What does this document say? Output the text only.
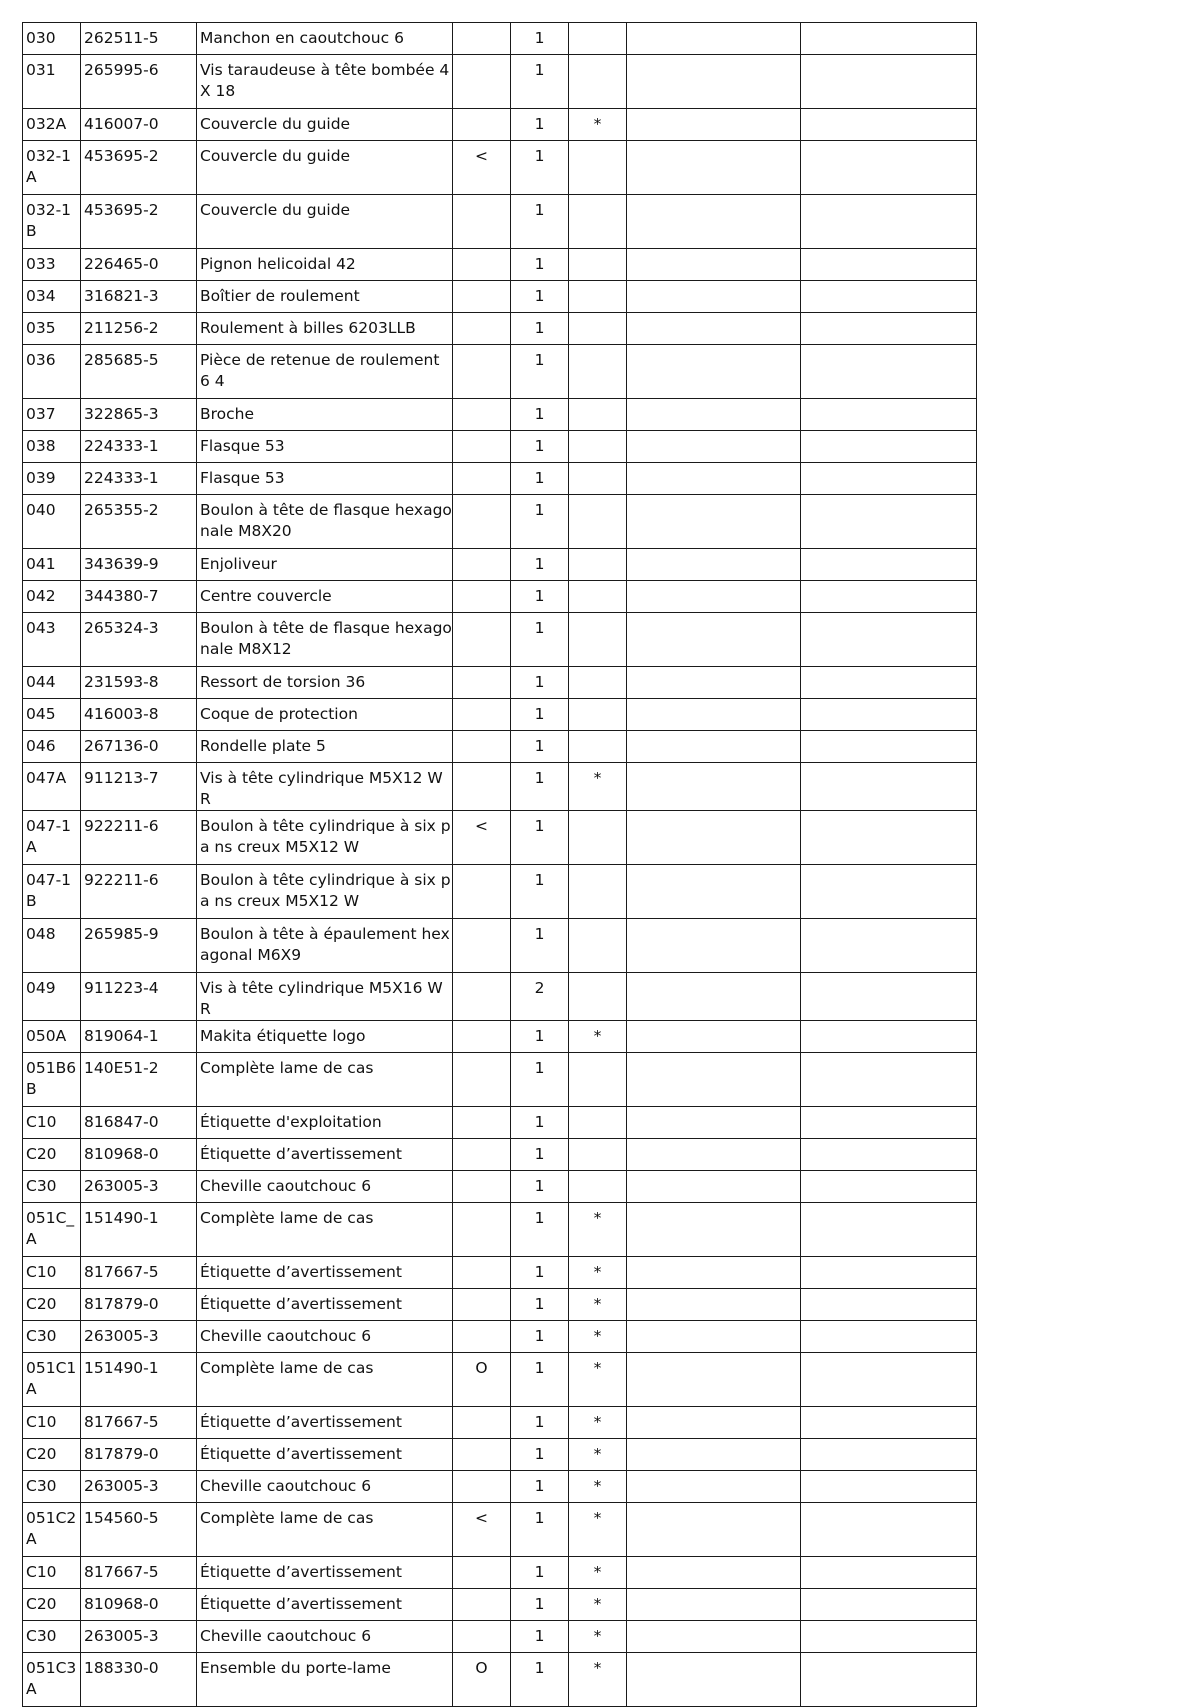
030	262511-5	Manchon en caoutchouc 6		1			
031	265995-6	Vis taraudeuse à tête bombée 4X 18		1			
032A	416007-0	Couvercle du guide		1	*		
032-1 A	453695-2	Couvercle du guide	<	1			
032-1 B	453695-2	Couvercle du guide		1			
033	226465-0	Pignon helicoidal 42		1			
034	316821-3	Boîtier de roulement		1			
035	211256-2	Roulement à billes 6203LLB		1			
036	285685-5	Pièce de retenue de roulement 6 4		1			
037	322865-3	Broche		1			
038	224333-1	Flasque 53		1			
039	224333-1	Flasque 53		1			
040	265355-2	Boulon à tête de flasque hexago nale M8X20		1			
041	343639-9	Enjoliveur		1			
042	344380-7	Centre couvercle		1			
043	265324-3	Boulon à tête de flasque hexago nale M8X12		1			
044	231593-8	Ressort de torsion 36		1			
045	416003-8	Coque de protection		1			
046	267136-0	Rondelle plate 5		1			
047A	911213-7	Vis à tête cylindrique M5X12 WR		1	*		
047-1 A	922211-6	Boulon à tête cylindrique à six pa ns creux M5X12 W	<	1			
047-1 B	922211-6	Boulon à tête cylindrique à six pa ns creux M5X12 W		1			
048	265985-9	Boulon à tête à épaulement hex agonal M6X9		1			
049	911223-4	Vis à tête cylindrique M5X16 WR		2			
050A	819064-1	Makita étiquette logo		1	*		
051B6 B	140E51-2	Complète lame de cas		1			
C10	816847-0	Étiquette d'exploitation		1			
C20	810968-0	Étiquette d’avertissement		1			
C30	263005-3	Cheville caoutchouc 6		1			
051C_ A	151490-1	Complète lame de cas		1	*		
C10	817667-5	Étiquette d’avertissement		1	*		
C20	817879-0	Étiquette d’avertissement		1	*		
C30	263005-3	Cheville caoutchouc 6		1	*		
051C1 A	151490-1	Complète lame de cas	O	1	*		
C10	817667-5	Étiquette d’avertissement		1	*		
C20	817879-0	Étiquette d’avertissement		1	*		
C30	263005-3	Cheville caoutchouc 6		1	*		
051C2 A	154560-5	Complète lame de cas	<	1	*		
C10	817667-5	Étiquette d’avertissement		1	*		
C20	810968-0	Étiquette d’avertissement		1	*		
C30	263005-3	Cheville caoutchouc 6		1	*		
051C3 A	188330-0	Ensemble du porte-lame	O	1	*		
